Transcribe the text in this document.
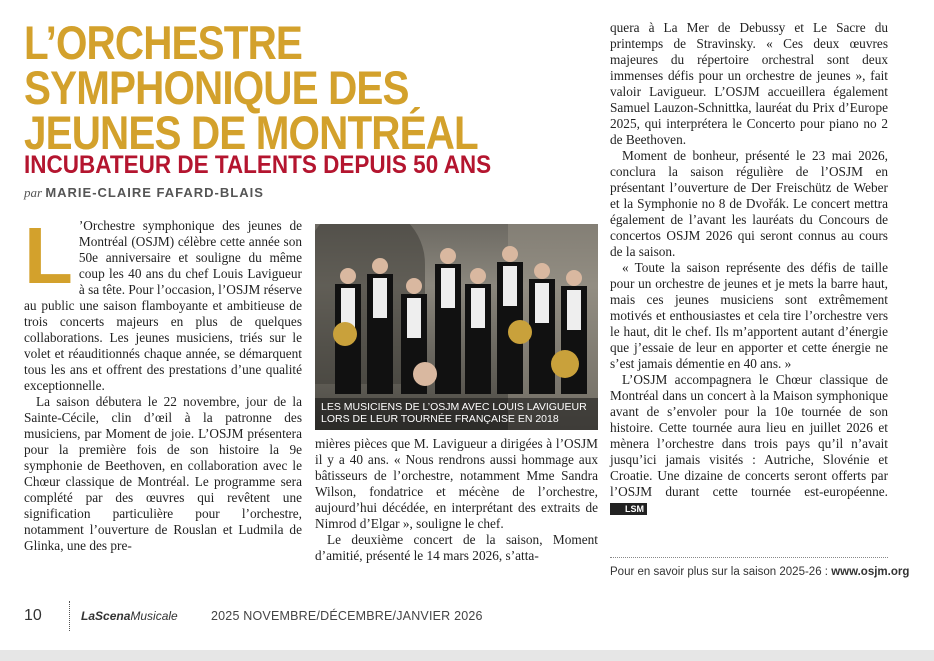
L’ORCHESTRE SYMPHONIQUE DES JEUNES DE MONTRÉAL
INCUBATEUR DE TALENTS DEPUIS 50 ANS
par MARIE-CLAIRE FAFARD-BLAIS

L ’Orchestre symphonique des jeunes de Montréal (OSJM) célèbre cette année son 50e anniversaire et souligne du même coup les 40 ans du chef Louis Lavigueur à sa tête. Pour l’occasion, l’OSJM réserve au public une saison flamboyante et ambitieuse de trois concerts majeurs en plus de quelques collaborations. Les jeunes musiciens, triés sur le volet et réauditionnés chaque année, se démarquent tous les ans et offrent des prestations d’une qualité exceptionnelle.

La saison débutera le 22 novembre, jour de la Sainte-Cécile, clin d’œil à la patronne des musiciens, par Moment de joie. L’OSJM présentera pour la première fois de son histoire la 9e symphonie de Beethoven, en collaboration avec le Chœur classique de Montréal. Le programme sera complété par des œuvres qui revêtent une signification particulière pour l’orchestre, notamment l’ouverture de Rouslan et Ludmila de Glinka, une des pre-

LES MUSICIENS DE L’OSJM AVEC LOUIS LAVIGUEUR LORS DE LEUR TOURNÉE FRANÇAISE EN 2018

mières pièces que M. Lavigueur a dirigées à l’OSJM il y a 40 ans. « Nous rendrons aussi hommage aux bâtisseurs de l’orchestre, notamment Mme Sandra Wilson, fondatrice et mécène de l’orchestre, aujourd’hui décédée, en interprétant des extraits de Nimrod d’Elgar », souligne le chef.

Le deuxième concert de la saison, Moment d’amitié, présenté le 14 mars 2026, s’atta-

quera à La Mer de Debussy et Le Sacre du printemps de Stravinsky. « Ces deux œuvres majeures du répertoire orchestral sont deux immenses défis pour un orchestre de jeunes », fait valoir Lavigueur. L’OSJM accueillera également Samuel Lauzon-Schnittka, lauréat du Prix d’Europe 2025, qui interprétera le Concerto pour piano no 2 de Beethoven.

Moment de bonheur, présenté le 23 mai 2026, conclura la saison régulière de l’OSJM en présentant l’ouverture de Der Freischütz de Weber et la Symphonie no 8 de Dvořák. Le concert mettra également de l’avant les lauréats du Concours de concertos OSJM 2026 qui seront connus au cours de la saison.

« Toute la saison représente des défis de taille pour un orchestre de jeunes et je mets la barre haut, mais ces jeunes musiciens sont extrêmement motivés et enthousiastes et cela tire l’orchestre vers le haut, dit le chef. Ils m’apportent autant d’énergie que j’essaie de leur en apporter et cette énergie ne s’est jamais démentie en 40 ans. »

L’OSJM accompagnera le Chœur classique de Montréal dans un concert à la Maison symphonique avant de s’envoler pour la 10e tournée de son histoire. Cette tournée aura lieu en juillet 2026 et mènera l’orchestre dans trois pays qu’il n’avait jusqu’ici jamais visités : Autriche, Slovénie et Croatie. Une dizaine de concerts seront offerts par l’OSJM durant cette tournée est-européenne. LSM

Pour en savoir plus sur la saison 2025-26 : www.osjm.org
10	LaScenaMusicale	2025 NOVEMBRE/DÉCEMBRE/JANVIER 2026
